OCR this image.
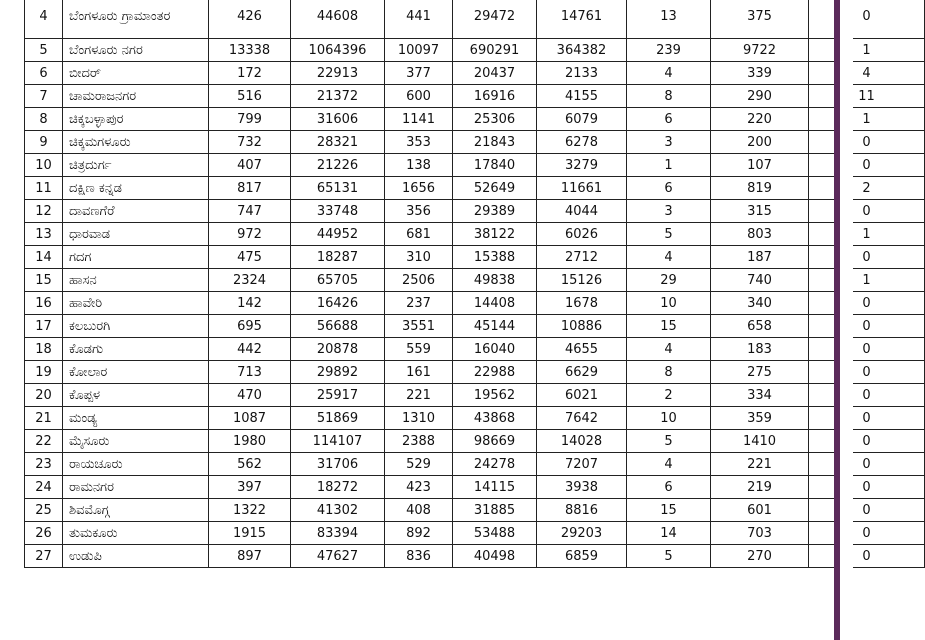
4	ಬೆಂಗಳೂರು ಗ್ರಾಮಾಂತರ	426	44608	441	29472	14761	13	375	0
5	ಬೆಂಗಳೂರು ನಗರ	13338	1064396	10097	690291	364382	239	9722	1
6	ಬೀದರ್	172	22913	377	20437	2133	4	339	4
7	ಚಾಮರಾಜನಗರ	516	21372	600	16916	4155	8	290	11
8	ಚಿಕ್ಕಬಳ್ಳಾಪುರ	799	31606	1141	25306	6079	6	220	1
9	ಚಿಕ್ಕಮಗಳೂರು	732	28321	353	21843	6278	3	200	0
10	ಚಿತ್ರದುರ್ಗ	407	21226	138	17840	3279	1	107	0
11	ದಕ್ಷಿಣ ಕನ್ನಡ	817	65131	1656	52649	11661	6	819	2
12	ದಾವಣಗೆರೆ	747	33748	356	29389	4044	3	315	0
13	ಧಾರವಾಡ	972	44952	681	38122	6026	5	803	1
14	ಗದಗ	475	18287	310	15388	2712	4	187	0
15	ಹಾಸನ	2324	65705	2506	49838	15126	29	740	1
16	ಹಾವೇರಿ	142	16426	237	14408	1678	10	340	0
17	ಕಲಬುರಗಿ	695	56688	3551	45144	10886	15	658	0
18	ಕೊಡಗು	442	20878	559	16040	4655	4	183	0
19	ಕೋಲಾರ	713	29892	161	22988	6629	8	275	0
20	ಕೊಪ್ಪಳ	470	25917	221	19562	6021	2	334	0
21	ಮಂಡ್ಯ	1087	51869	1310	43868	7642	10	359	0
22	ಮೈಸೂರು	1980	114107	2388	98669	14028	5	1410	0
23	ರಾಯಚೂರು	562	31706	529	24278	7207	4	221	0
24	ರಾಮನಗರ	397	18272	423	14115	3938	6	219	0
25	ಶಿವಮೊಗ್ಗ	1322	41302	408	31885	8816	15	601	0
26	ತುಮಕೂರು	1915	83394	892	53488	29203	14	703	0
27	ಉಡುಪಿ	897	47627	836	40498	6859	5	270	0
